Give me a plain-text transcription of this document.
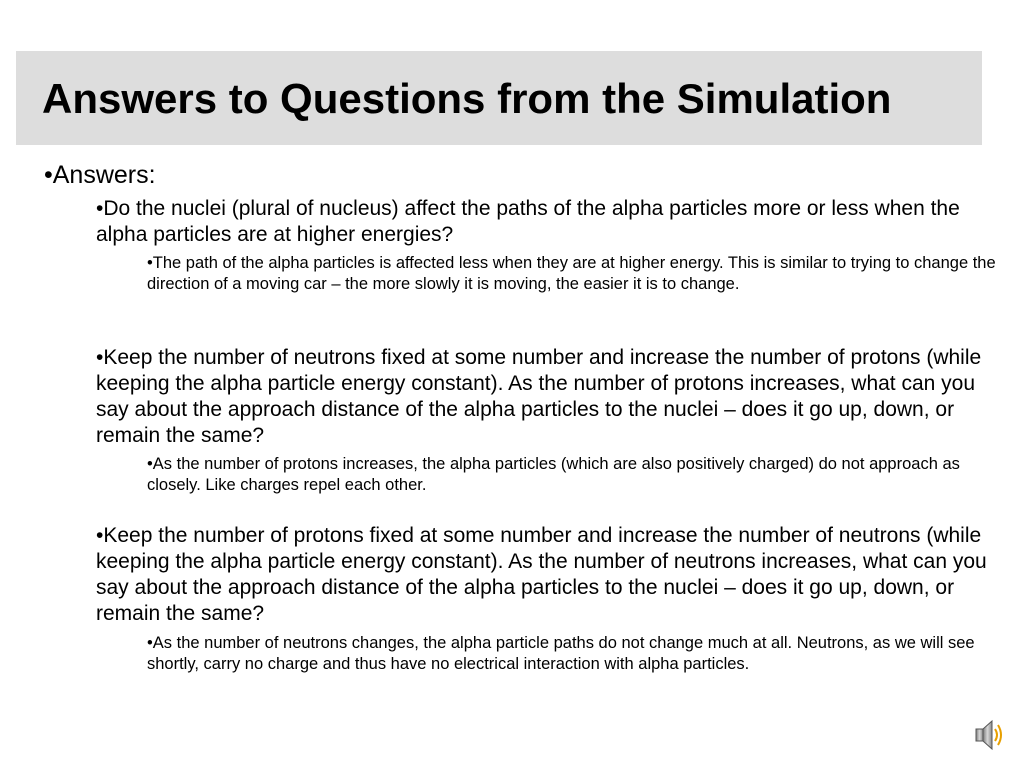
Answers to Questions from the Simulation
•Answers:
•Do the nuclei (plural of nucleus) affect the paths of the alpha particles more or less when the alpha particles are at higher energies?
•The path of the alpha particles is affected less when they are at higher energy. This is similar to trying to change the direction of a moving car – the more slowly it is moving, the easier it is to change.
•Keep the number of neutrons fixed at some number and increase the number of protons (while keeping the alpha particle energy constant). As the number of protons increases, what can you say about the approach distance of the alpha particles to the nuclei – does it go up, down, or remain the same?
•As the number of protons increases, the alpha particles (which are also positively charged) do not approach as closely. Like charges repel each other.
•Keep the number of protons fixed at some number and increase the number of neutrons (while keeping the alpha particle energy constant). As the number of neutrons increases, what can you say about the approach distance of the alpha particles to the nuclei – does it go up, down, or remain the same?
•As the number of neutrons changes, the alpha particle paths do not change much at all. Neutrons, as we will see shortly, carry no charge and thus have no electrical interaction with alpha particles.
